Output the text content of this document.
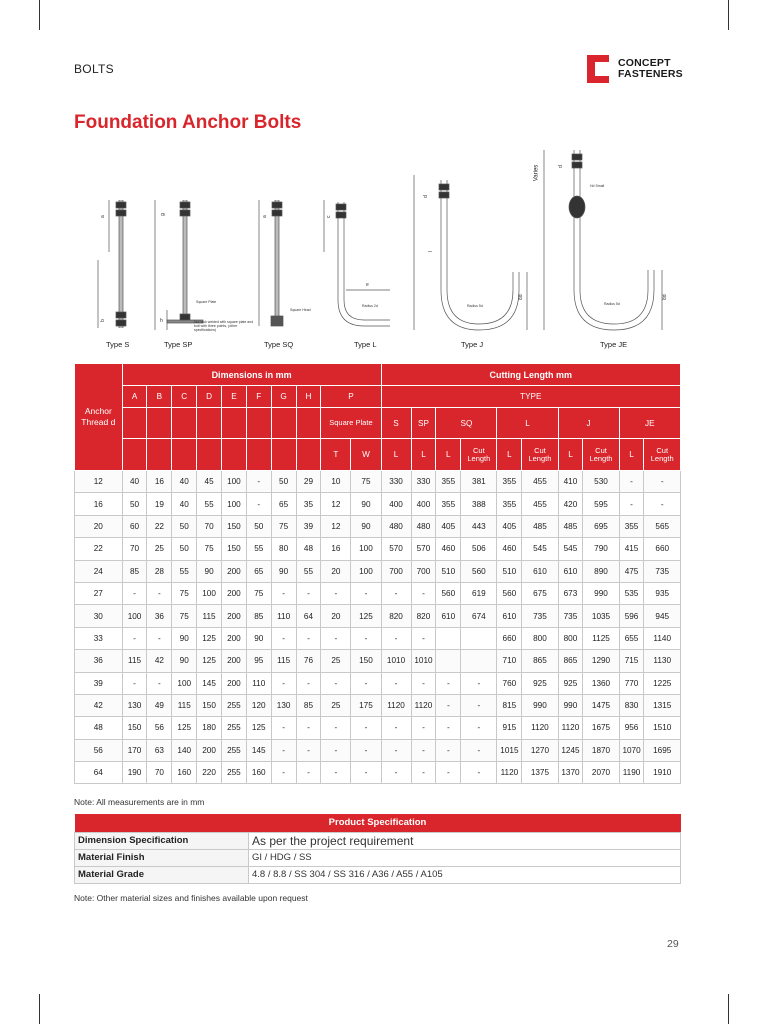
BOLTS	CONCEPT
FASTENERS
Foundation Anchor Bolts
a
b
g
h
a	c
e
d
l
8d
d
8d
Type S	Type SP	Type SQ	Type L	Type J	Type JE
Square Plate
Nut tack welded with square plate and bolt with three points, (other specifications)
Square Head
Radius 2d	Radius 5d	Radius 5d
Hd Small
Varies
Anchor Thread d	Dimensions in mm										Cutting Length mm									
	A	B	C	D	E	F	G	H	P		TYPE									
									Square Plate		S	SP	SQ		L		J		JE	
									T	W	L	L	L	Cut Length	L	Cut Length	L	Cut Length	L	Cut Length
12	40	16	40	45	100	-	50	29	10	75	330	330	355	381	355	455	410	530	-	-
16	50	19	40	55	100	-	65	35	12	90	400	400	355	388	355	455	420	595	-	-
20	60	22	50	70	150	50	75	39	12	90	480	480	405	443	405	485	485	695	355	565
22	70	25	50	75	150	55	80	48	16	100	570	570	460	506	460	545	545	790	415	660
24	85	28	55	90	200	65	90	55	20	100	700	700	510	560	510	610	610	890	475	735
27	-	-	75	100	200	75	-	-	-	-	-	-	560	619	560	675	673	990	535	935
30	100	36	75	115	200	85	110	64	20	125	820	820	610	674	610	735	735	1035	596	945
33	-	-	90	125	200	90	-	-	-	-	-	-			660	800	800	1125	655	1140
36	115	42	90	125	200	95	115	76	25	150	1010	1010			710	865	865	1290	715	1130
39	-	-	100	145	200	110	-	-	-	-	-	-	-	-	760	925	925	1360	770	1225
42	130	49	115	150	255	120	130	85	25	175	1120	1120	-	-	815	990	990	1475	830	1315
48	150	56	125	180	255	125	-	-	-	-	-	-	-	-	915	1120	1120	1675	956	1510
56	170	63	140	200	255	145	-	-	-	-	-	-	-	-	1015	1270	1245	1870	1070	1695
64	190	70	160	220	255	160	-	-	-	-	-	-	-	-	1120	1375	1370	2070	1190	1910
Note: All measurements are in mm
Product Specification	
Dimension Specification	As per the project requirement
Material Finish	GI / HDG / SS
Material Grade	4.8 / 8.8 / SS 304 / SS 316 / A36 / A55 / A105
Note: Other material sizes and finishes available upon request
29
